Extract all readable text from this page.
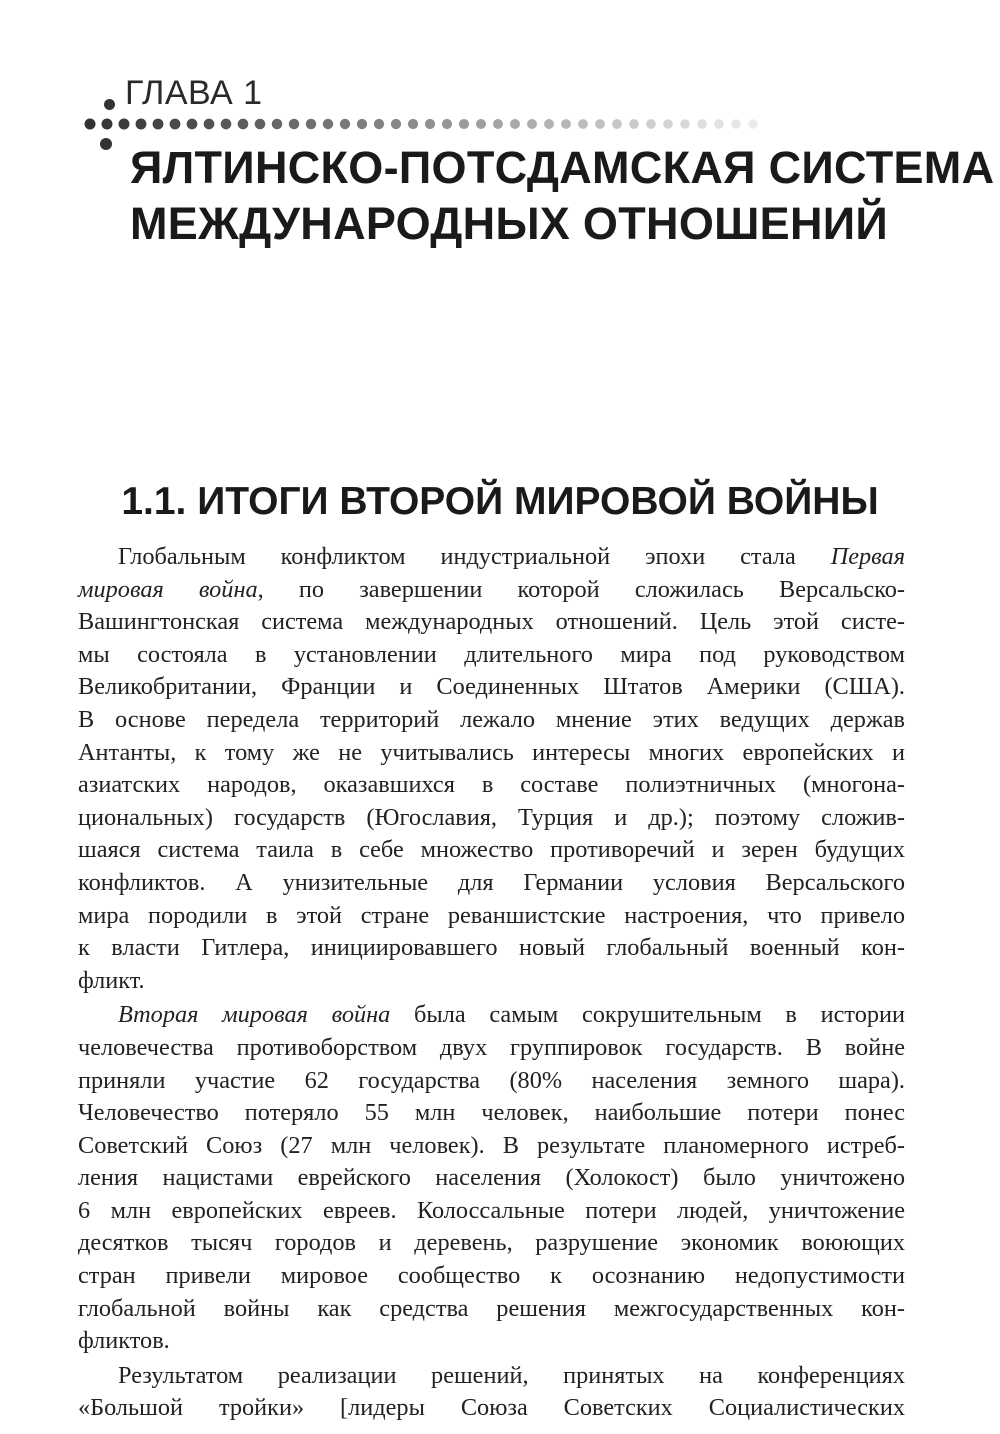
ГЛАВА 1
ЯЛТИНСКО-ПОТСДАМСКАЯ СИСТЕМА
МЕЖДУНАРОДНЫХ ОТНОШЕНИЙ
1.1. ИТОГИ ВТОРОЙ МИРОВОЙ ВОЙНЫ
Глобальным конфликтом индустриальной эпохи стала Первая
мировая война, по завершении которой сложилась Версальско-
Вашингтонская система международных отношений. Цель этой систе-
мы состояла в установлении длительного мира под руководством
Великобритании, Франции и Соединенных Штатов Америки (США).
В основе передела территорий лежало мнение этих ведущих держав
Антанты, к тому же не учитывались интересы многих европейских и
азиатских народов, оказавшихся в составе полиэтничных (многона-
циональных) государств (Югославия, Турция и др.); поэтому сложив-
шаяся система таила в себе множество противоречий и зерен будущих
конфликтов. А унизительные для Германии условия Версальского
мира породили в этой стране реваншистские настроения, что привело
к власти Гитлера, инициировавшего новый глобальный военный кон-
фликт.
Вторая мировая война была самым сокрушительным в истории
человечества противоборством двух группировок государств. В войне
приняли участие 62 государства (80% населения земного шара).
Человечество потеряло 55 млн человек, наибольшие потери понес
Советский Союз (27 млн человек). В результате планомерного истреб-
ления нацистами еврейского населения (Холокост) было уничтожено
6 млн европейских евреев. Колоссальные потери людей, уничтожение
десятков тысяч городов и деревень, разрушение экономик воюющих
стран привели мировое сообщество к осознанию недопустимости
глобальной войны как средства решения межгосударственных кон-
фликтов.
Результатом реализации решений, принятых на конференциях
«Большой тройки» [лидеры Союза Советских Социалистических
